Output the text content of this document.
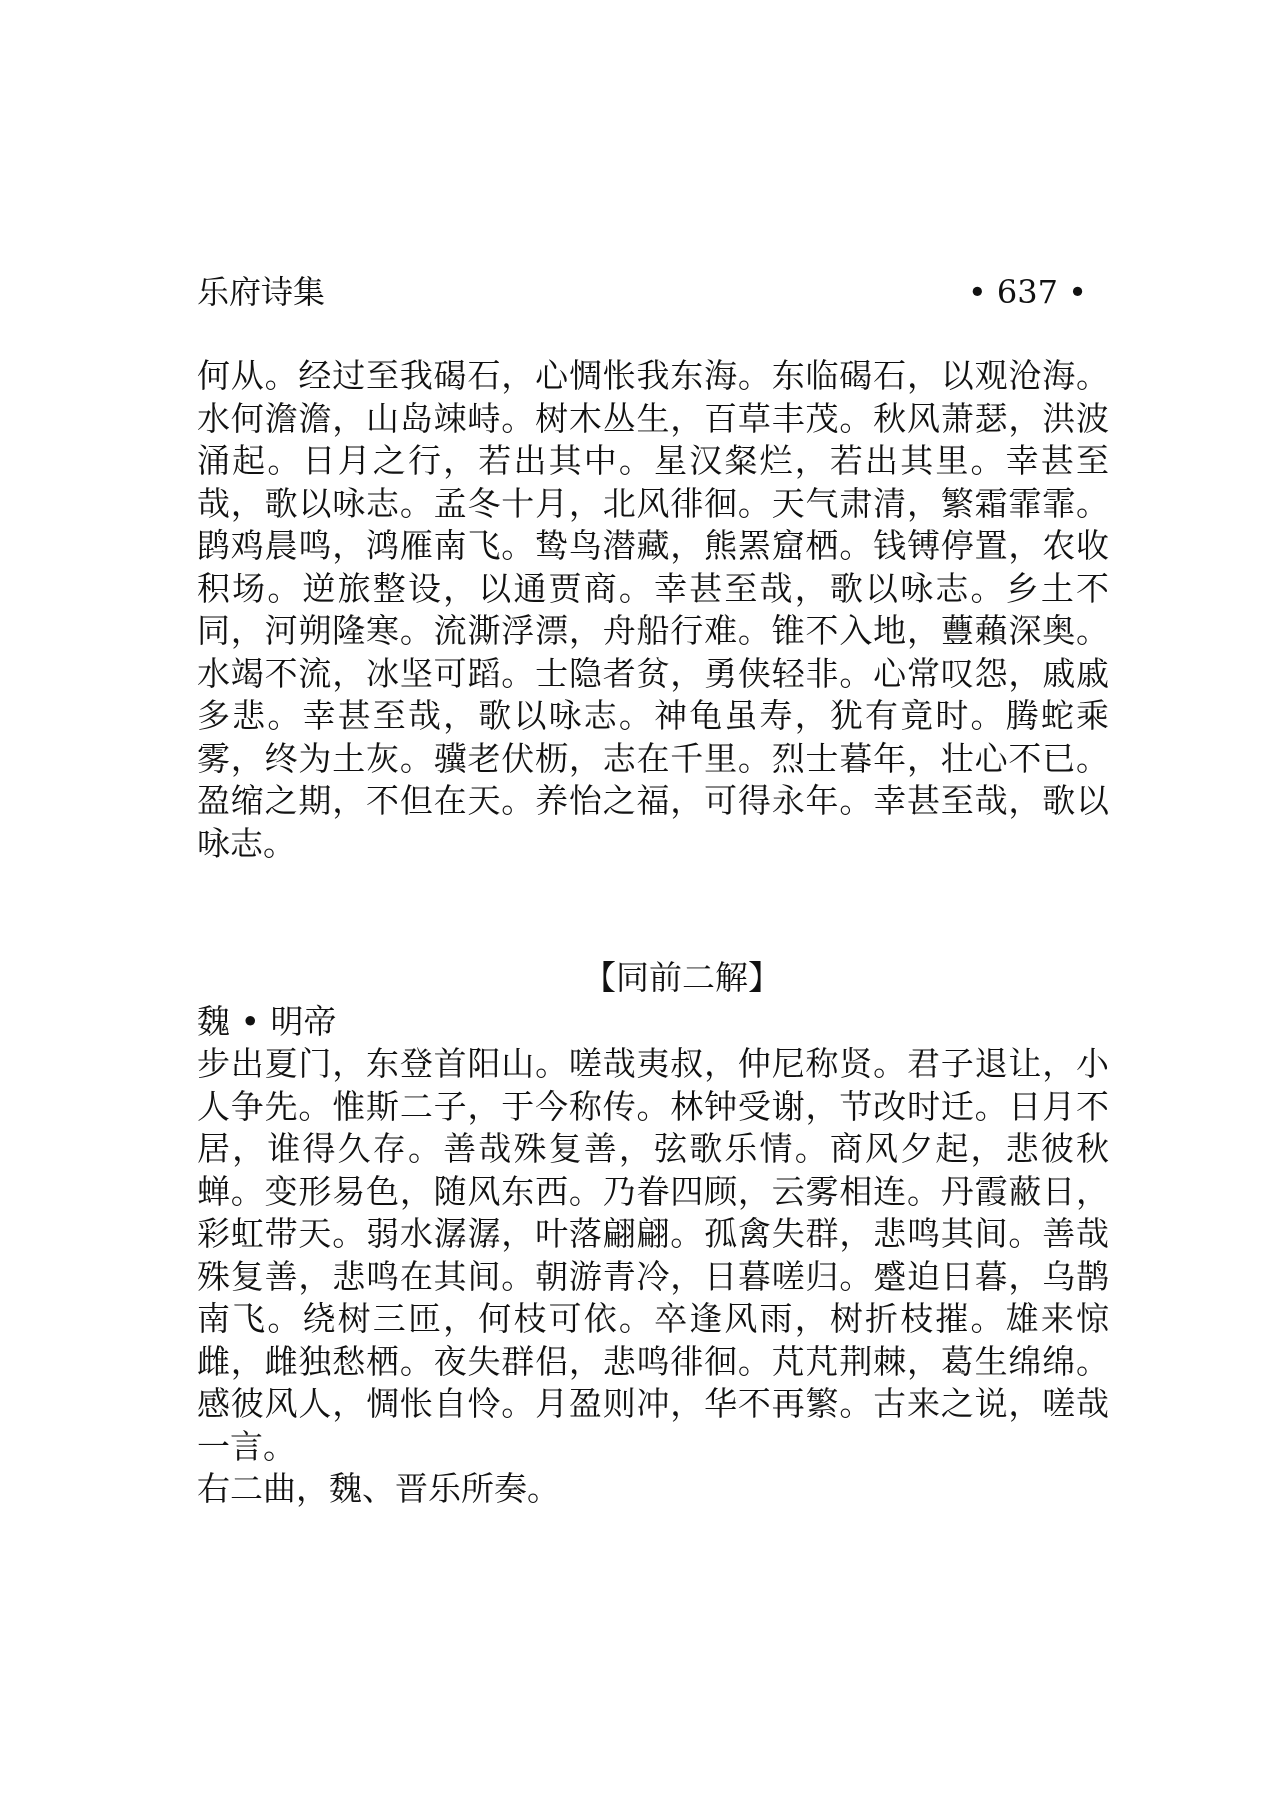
乐府诗集	• 637 •

何从。经过至我碣石，心惆怅我东海。东临碣石，以观沧海。水何澹澹，山岛竦峙。树木丛生，百草丰茂。秋风萧瑟，洪波涌起。日月之行，若出其中。星汉粲烂，若出其里。幸甚至哉，歌以咏志。孟冬十月，北风徘徊。天气肃清，繁霜霏霏。鹍鸡晨鸣，鸿雁南飞。鸷鸟潜藏，熊罴窟栖。钱镈停置，农收积场。逆旅整设，以通贾商。幸甚至哉，歌以咏志。乡土不同，河朔隆寒。流澌浮漂，舟船行难。锥不入地，蘴藾深奥。水竭不流，冰坚可蹈。士隐者贫，勇侠轻非。心常叹怨，戚戚多悲。幸甚至哉，歌以咏志。神龟虽寿，犹有竟时。腾蛇乘雾，终为土灰。骥老伏枥，志在千里。烈士暮年，壮心不已。盈缩之期，不但在天。养怡之福，可得永年。幸甚至哉，歌以咏志。

【同前二解】
魏 • 明帝

步出夏门，东登首阳山。嗟哉夷叔，仲尼称贤。君子退让，小人争先。惟斯二子，于今称传。林钟受谢，节改时迁。日月不居，谁得久存。善哉殊复善，弦歌乐情。商风夕起，悲彼秋蝉。变形易色，随风东西。乃眷四顾，云雾相连。丹霞蔽日，彩虹带天。弱水潺潺，叶落翩翩。孤禽失群，悲鸣其间。善哉殊复善，悲鸣在其间。朝游青冷，日暮嗟归。蹙迫日暮，乌鹊南飞。绕树三匝，何枝可依。卒逢风雨，树折枝摧。雄来惊雌，雌独愁栖。夜失群侣，悲鸣徘徊。芃芃荆棘，葛生绵绵。感彼风人，惆怅自怜。月盈则冲，华不再繁。古来之说，嗟哉一言。

右二曲，魏、晋乐所奏。
